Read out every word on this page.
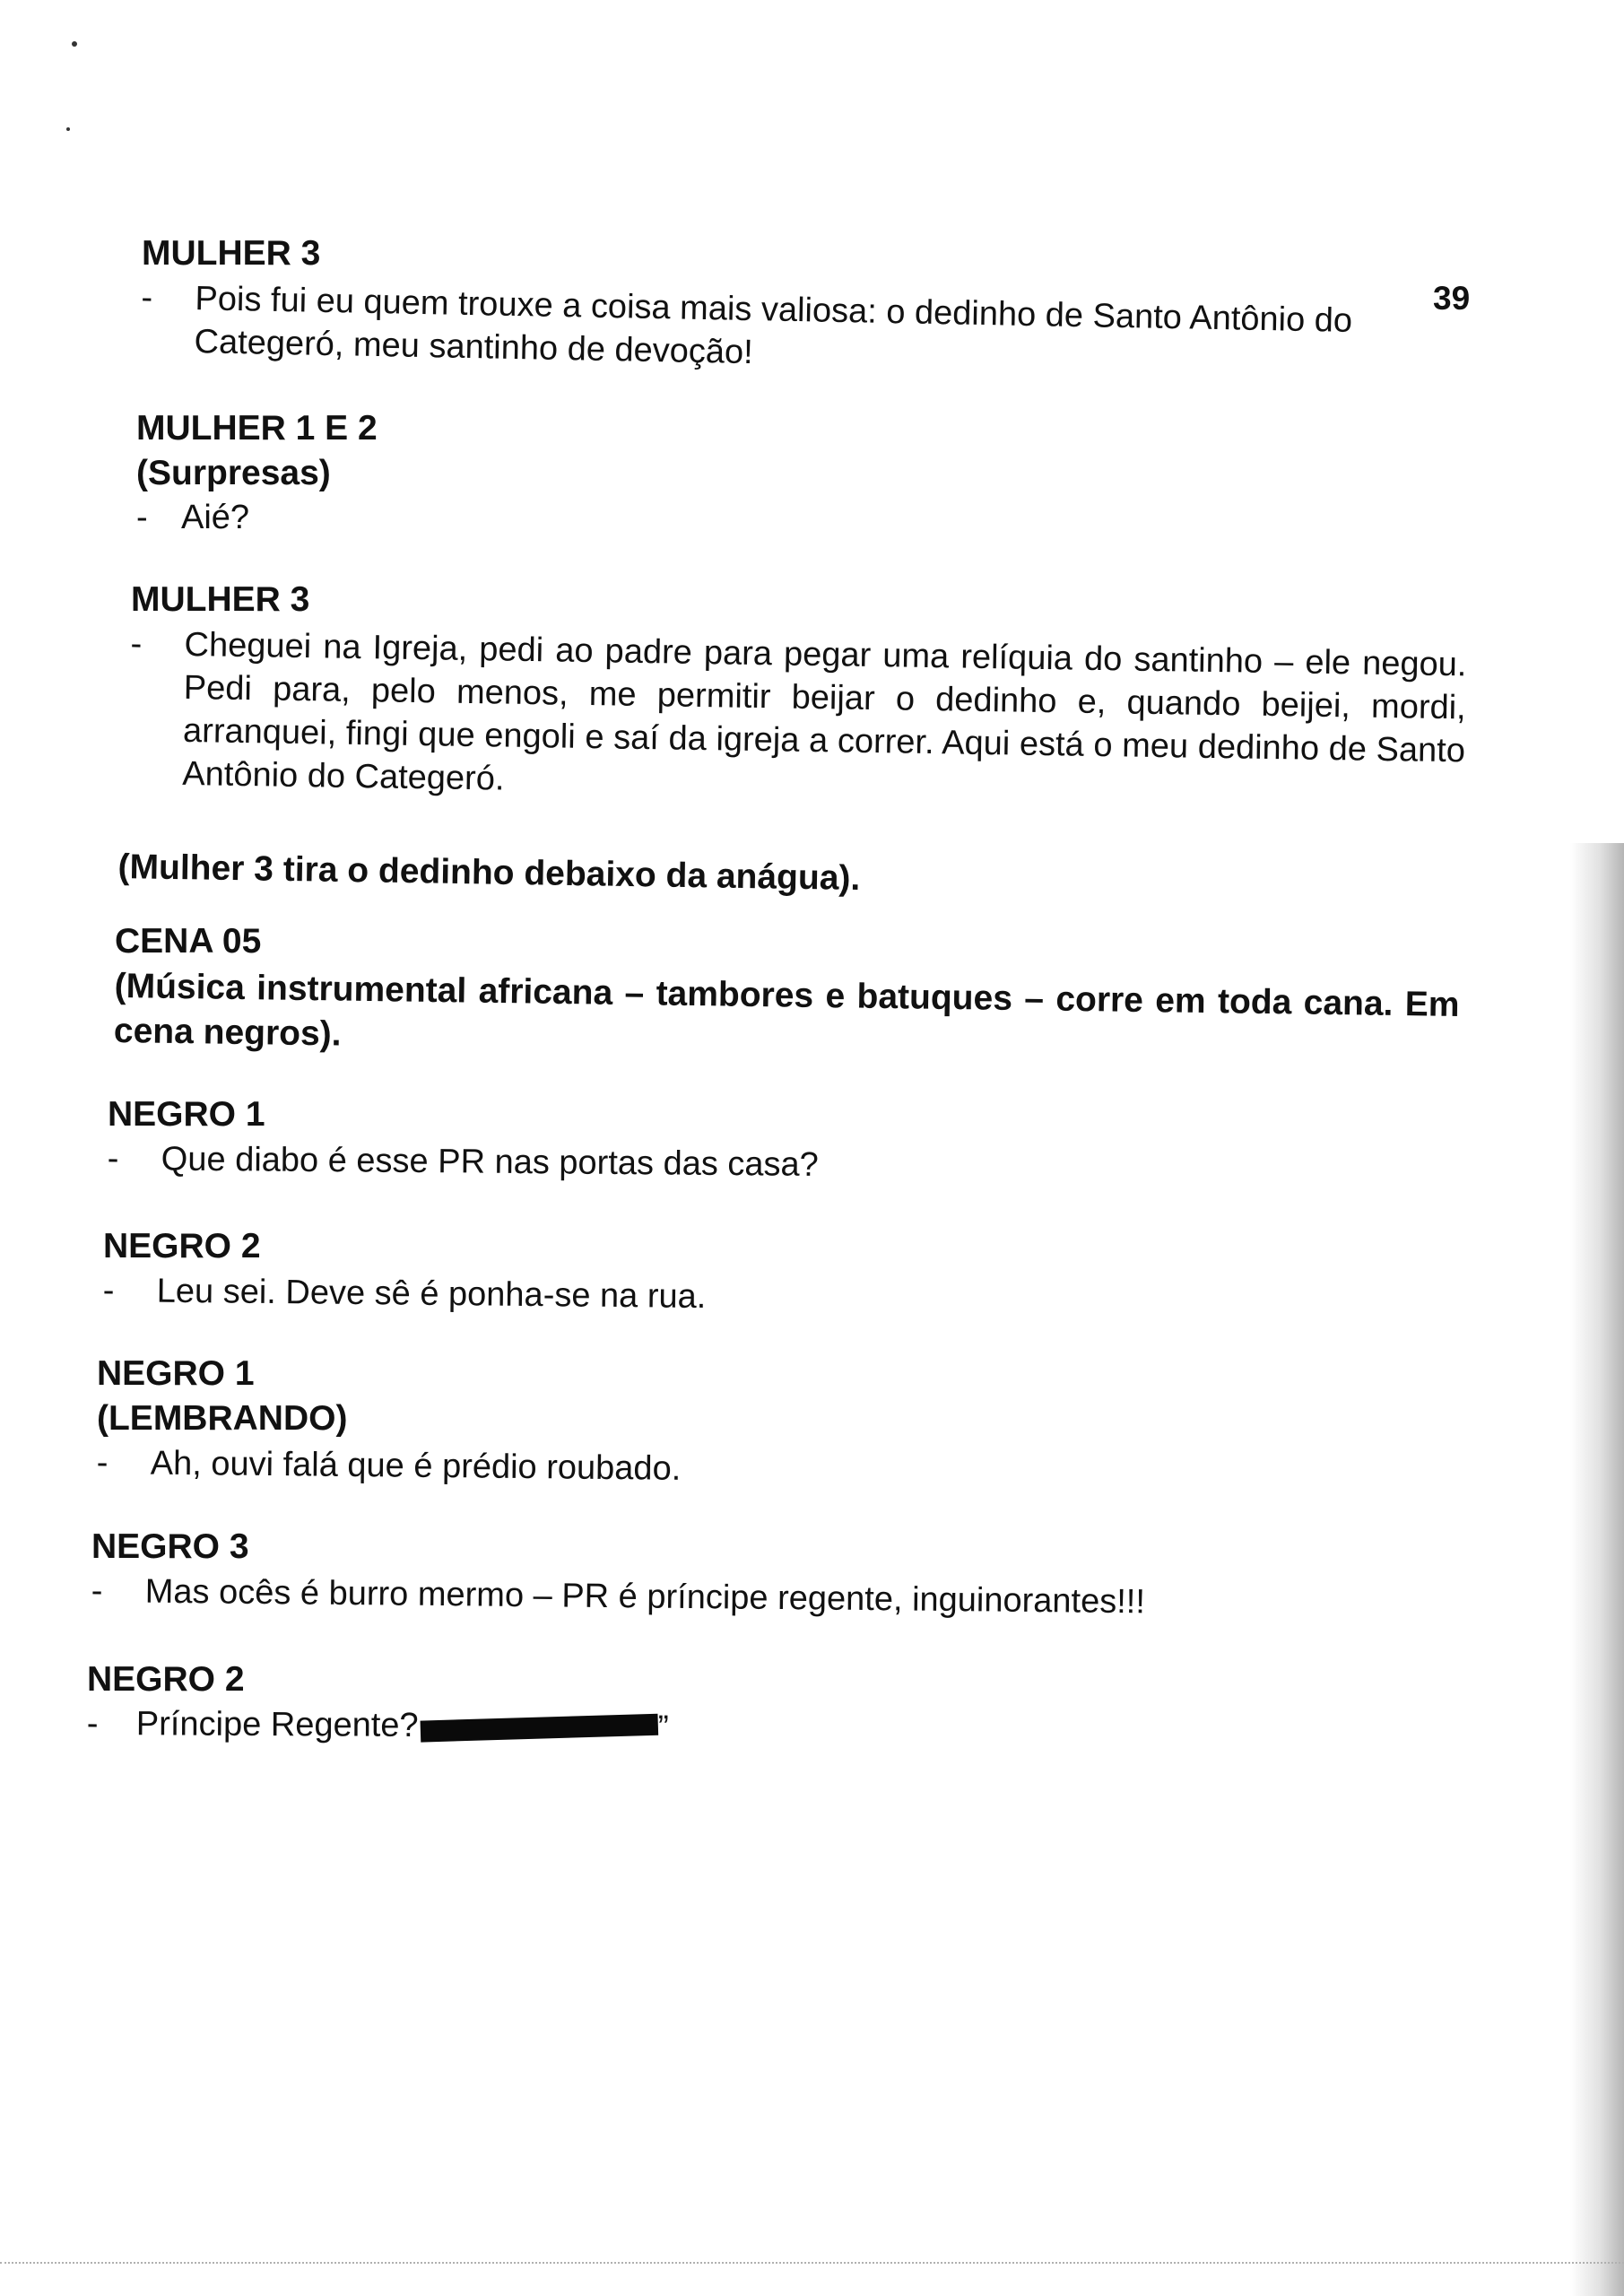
39
MULHER 3
- Pois fui eu quem trouxe a coisa mais valiosa: o dedinho de Santo Antônio do Categeró, meu santinho de devoção!
MULHER 1 E 2
(Surpresas)
- Aié?
MULHER 3
- Cheguei na Igreja, pedi ao padre para pegar uma relíquia do santinho – ele negou. Pedi para, pelo menos, me permitir beijar o dedinho e, quando beijei, mordi, arranquei, fingi que engoli e saí da igreja a correr. Aqui está o meu dedinho de Santo Antônio do Categeró.
(Mulher 3 tira o dedinho debaixo da anágua).
CENA 05
(Música instrumental africana – tambores e batuques – corre em toda cana. Em cena negros).
NEGRO 1
- Que diabo é esse PR nas portas das casa?
NEGRO 2
- Leu sei. Deve sê é ponha-se na rua.
NEGRO 1
(LEMBRANDO)
- Ah, ouvi falá que é prédio roubado.
NEGRO 3
- Mas ocês é burro mermo – PR é príncipe regente, inguinorantes!!!
NEGRO 2
- Príncipe Regente?	”
